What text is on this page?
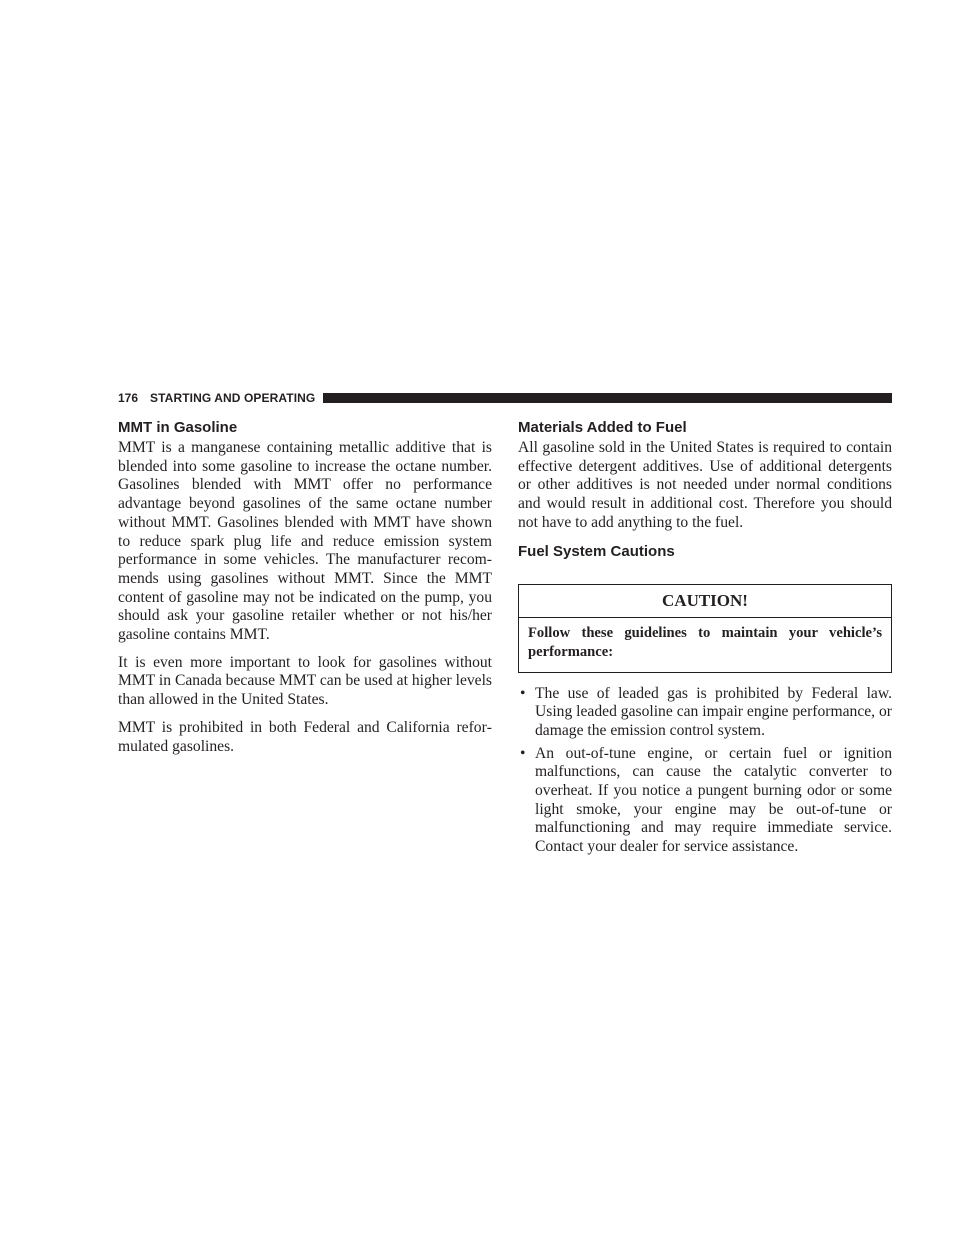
176 STARTING AND OPERATING
MMT in Gasoline

MMT is a manganese containing metallic additive that is blended into some gasoline to increase the octane number. Gasolines blended with MMT offer no performance advantage beyond gasolines of the same octane number without MMT. Gasolines blended with MMT have shown to reduce spark plug life and reduce emission system performance in some vehicles. The manufacturer recommends using gasolines without MMT. Since the MMT content of gasoline may not be indicated on the pump, you should ask your gasoline retailer whether or not his/her gasoline contains MMT.

It is even more important to look for gasolines without MMT in Canada because MMT can be used at higher levels than allowed in the United States.

MMT is prohibited in both Federal and California reformulated gasolines.

Materials Added to Fuel

All gasoline sold in the United States is required to contain effective detergent additives. Use of additional detergents or other additives is not needed under normal conditions and would result in additional cost. Therefore you should not have to add anything to the fuel.

Fuel System Cautions
CAUTION!
Follow these guidelines to maintain your vehicle’s performance:
• The use of leaded gas is prohibited by Federal law. Using leaded gasoline can impair engine performance, or damage the emission control system.

• An out-of-tune engine, or certain fuel or ignition malfunctions, can cause the catalytic converter to overheat. If you notice a pungent burning odor or some light smoke, your engine may be out-of-tune or malfunctioning and may require immediate service. Contact your dealer for service assistance.
